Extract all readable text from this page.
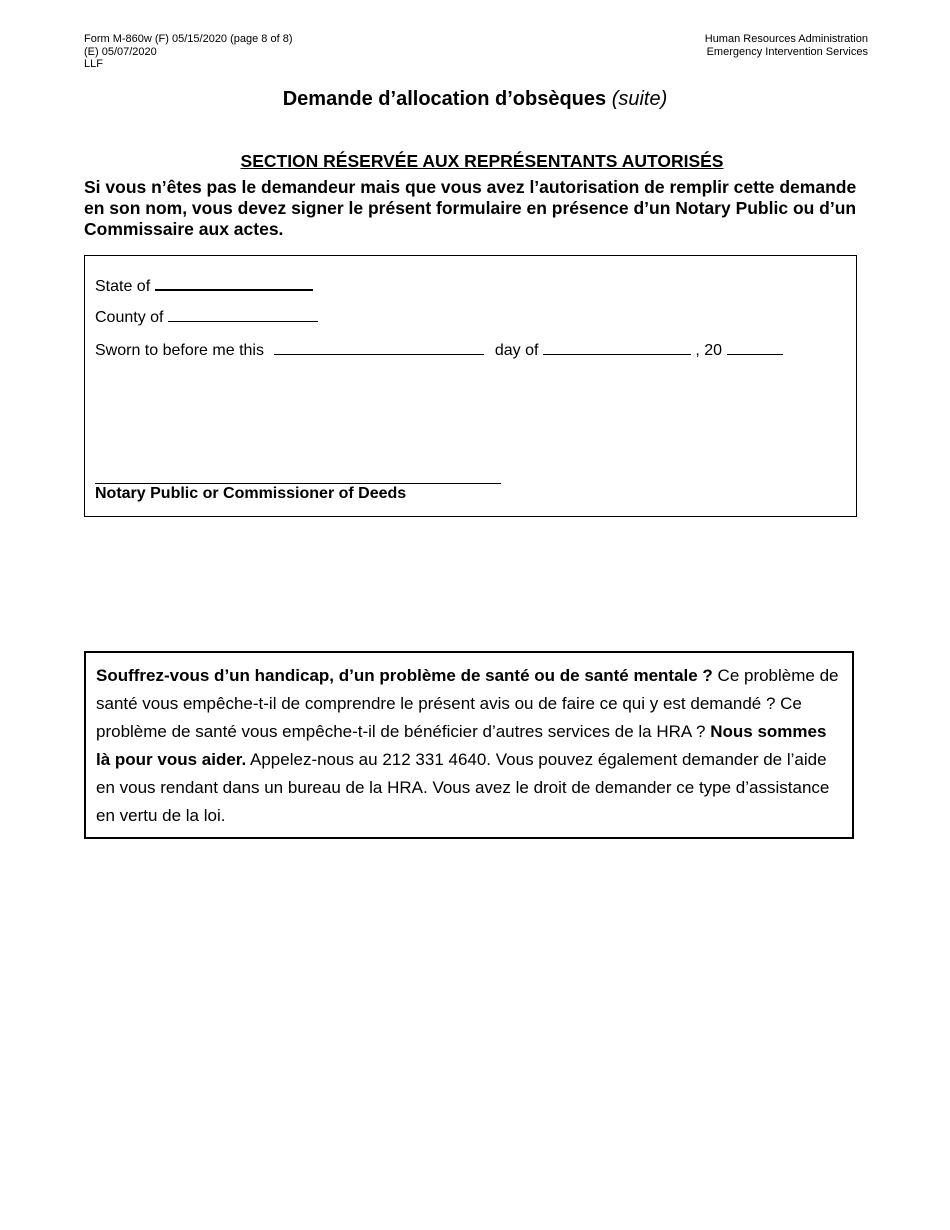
Form M-860w (F) 05/15/2020 (page 8 of 8)
(E) 05/07/2020
LLF
Human Resources Administration
Emergency Intervention Services
Demande d’allocation d’obsèques (suite)
SECTION RÉSERVÉE AUX REPRÉSENTANTS AUTORISÉS
Si vous n’êtes pas le demandeur mais que vous avez l’autorisation de remplir cette demande en son nom, vous devez signer le présent formulaire en présence d’un Notary Public ou d’un Commissaire aux actes.
State of
County of
Sworn to before me this	day of	, 20
Notary Public or Commissioner of Deeds
Souffrez-vous d’un handicap, d’un problème de santé ou de santé mentale ? Ce problème de santé vous empêche-t-il de comprendre le présent avis ou de faire ce qui y est demandé ? Ce problème de santé vous empêche-t-il de bénéficier d’autres services de la HRA ? Nous sommes là pour vous aider. Appelez-nous au 212 331 4640. Vous pouvez également demander de l’aide en vous rendant dans un bureau de la HRA. Vous avez le droit de demander ce type d’assistance en vertu de la loi.
